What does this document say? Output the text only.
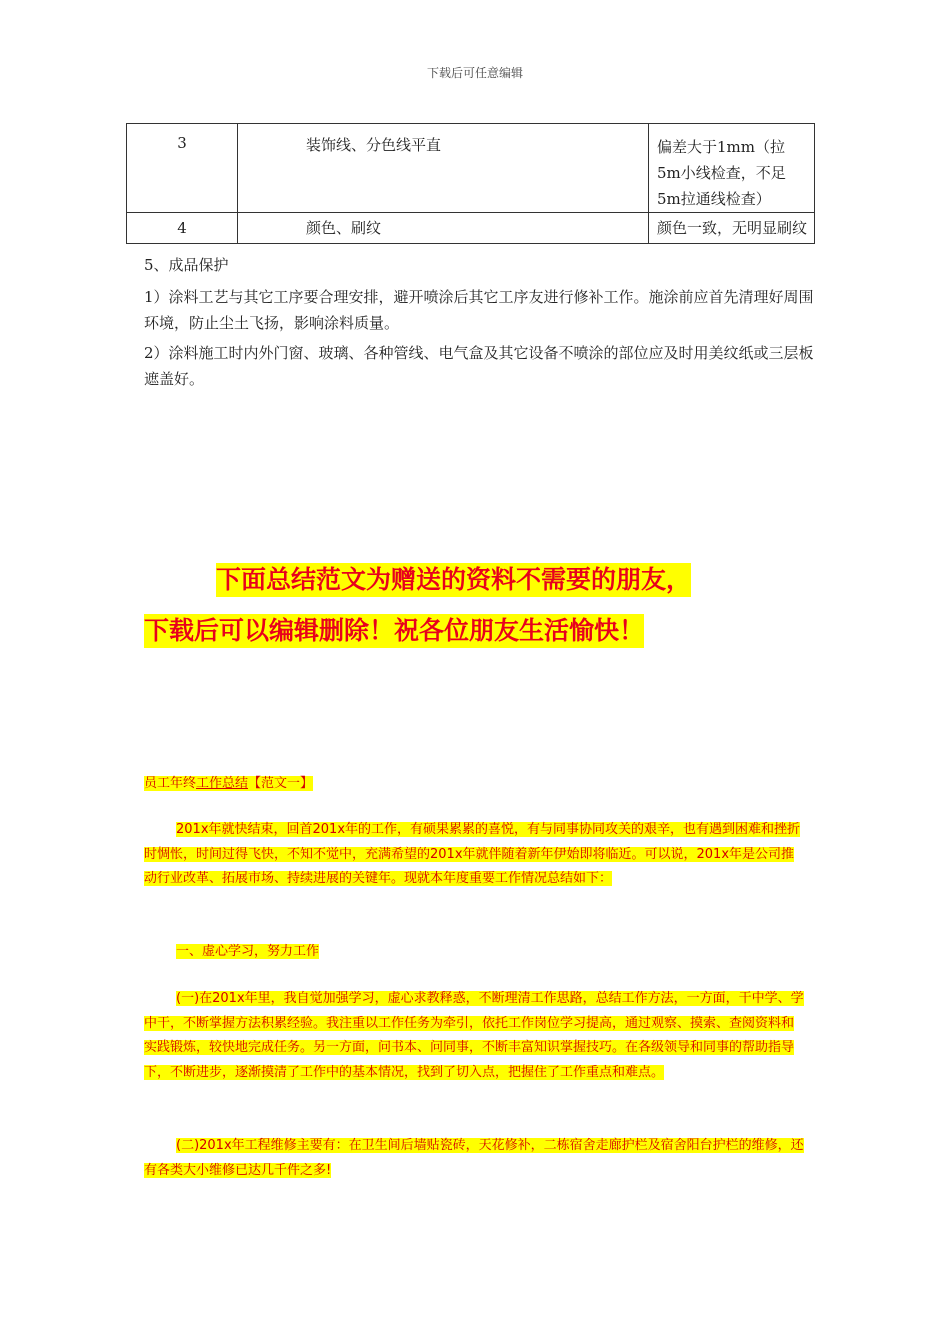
下载后可任意编辑
3	装饰线、分色线平直	偏差大于1mm（拉5m小线检查，不足5m拉通线检查）
4	颜色、刷纹	颜色一致，无明显刷纹
5、成品保护
1）涂料工艺与其它工序要合理安排，避开喷涂后其它工序友进行修补工作。施涂前应首先清理好周围环境，防止尘土飞扬，影响涂料质量。
2）涂料施工时内外门窗、玻璃、各种管线、电气盒及其它设备不喷涂的部位应及时用美纹纸或三层板遮盖好。
下面总结范文为赠送的资料不需要的朋友，
下载后可以编辑删除！祝各位朋友生活愉快！
员工年终工作总结【范文一】
201x年就快结束，回首201x年的工作，有硕果累累的喜悦，有与同事协同攻关的艰辛，也有遇到困难和挫折时惆怅，时间过得飞快，不知不觉中，充满希望的201x年就伴随着新年伊始即将临近。可以说，201x年是公司推动行业改革、拓展市场、持续进展的关键年。现就本年度重要工作情况总结如下：
一、虚心学习，努力工作
(一)在201x年里，我自觉加强学习，虚心求教释惑，不断理清工作思路，总结工作方法，一方面，干中学、学中干，不断掌握方法积累经验。我注重以工作任务为牵引，依托工作岗位学习提高，通过观察、摸索、查阅资料和实践锻炼，较快地完成任务。另一方面，问书本、问同事，不断丰富知识掌握技巧。在各级领导和同事的帮助指导下，不断进步，逐渐摸清了工作中的基本情况，找到了切入点，把握住了工作重点和难点。
(二)201x年工程维修主要有：在卫生间后墙贴瓷砖，天花修补，二栋宿舍走廊护栏及宿舍阳台护栏的维修，还有各类大小维修已达几千件之多!
